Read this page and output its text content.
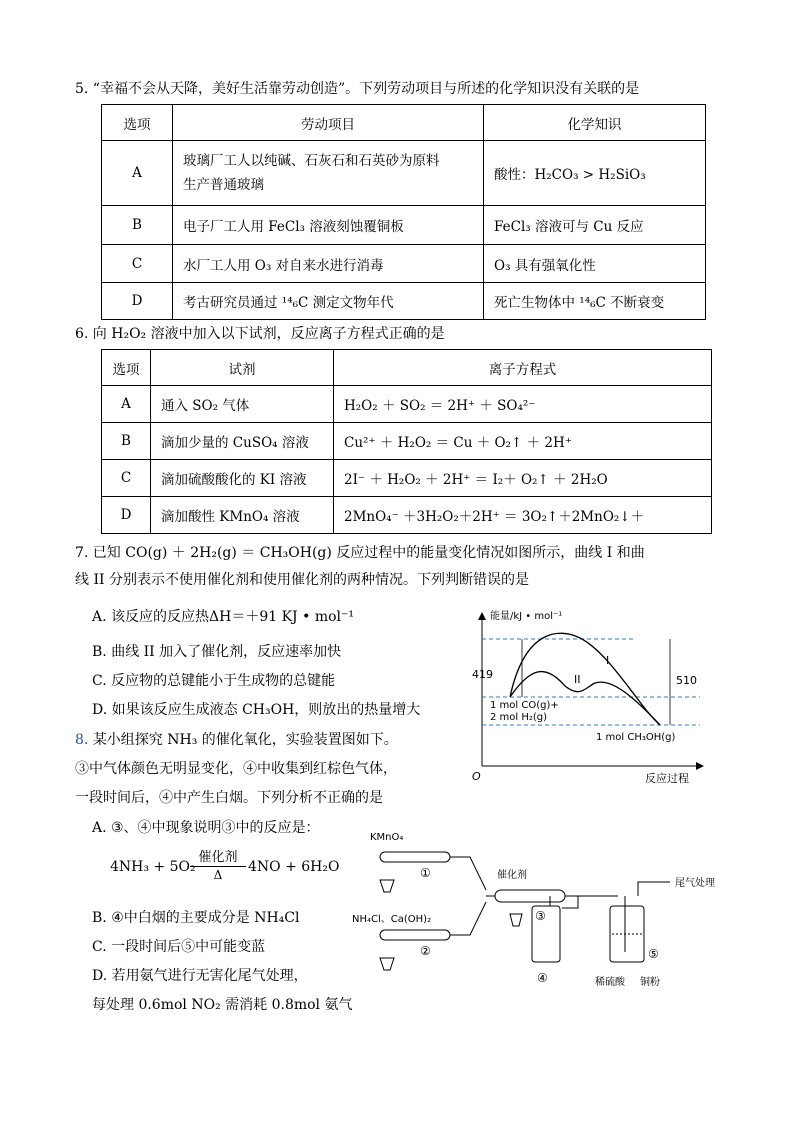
5. “幸福不会从天降，美好生活靠劳动创造”。下列劳动项目与所述的化学知识没有关联的是
选项	劳动项目	化学知识
A	玻璃厂工人以纯碱、石灰石和石英砂为原料
生产普通玻璃	酸性：H₂CO₃ > H₂SiO₃
B	电子厂工人用 FeCl₃ 溶液刻蚀覆铜板	FeCl₃ 溶液可与 Cu 反应
C	水厂工人用 O₃ 对自来水进行消毒	O₃ 具有强氧化性
D	考古研究员通过 ¹⁴₆C 测定文物年代	死亡生物体中 ¹⁴₆C 不断衰变
6. 向 H₂O₂ 溶液中加入以下试剂，反应离子方程式正确的是
选项	试剂	离子方程式
A	通入 SO₂ 气体	H₂O₂ ＋ SO₂ ＝ 2H⁺ ＋ SO₄²⁻
B	滴加少量的 CuSO₄ 溶液	Cu²⁺ ＋ H₂O₂ ＝ Cu ＋ O₂↑ ＋ 2H⁺
C	滴加硫酸酸化的 KI 溶液	2I⁻ ＋ H₂O₂ ＋ 2H⁺ ＝ I₂＋ O₂↑ ＋ 2H₂O
D	滴加酸性 KMnO₄ 溶液	2MnO₄⁻ ＋3H₂O₂＋2H⁺ ＝ 3O₂↑＋2MnO₂↓＋
7. 已知 CO(g) ＋ 2H₂(g) ＝ CH₃OH(g) 反应过程中的能量变化情况如图所示，曲线 I 和曲
线 II 分别表示不使用催化剂和使用催化剂的两种情况。下列判断错误的是
A. 该反应的反应热ΔH＝＋91 KJ • mol⁻¹
B. 曲线 II 加入了催化剂，反应速率加快
C. 反应物的总键能小于生成物的总键能
D. 如果该反应生成液态 CH₃OH，则放出的热量增大
419	510
能量/kJ • mol⁻¹
反应过程
O
I
II
1 mol CO(g)+
2 mol H₂(g)
1 mol CH₃OH(g)
8. 某小组探究 NH₃ 的催化氧化，实验装置图如下。
③中气体颜色无明显变化，④中收集到红棕色气体，
一段时间后，④中产生白烟。下列分析不正确的是
A. ③、④中现象说明③中的反应是：
4NH₃ + 5O₂
催化剂
Δ	4NO + 6H₂O
B. ④中白烟的主要成分是 NH₄Cl
C. 一段时间后⑤中可能变蓝
D. 若用氨气进行无害化尾气处理，
每处理 0.6mol NO₂ 需消耗 0.8mol 氨气
KMnO₄
NH₄Cl、Ca(OH)₂
催化剂
尾气处理
稀硫酸 铜粉
①
②
③
④
⑤
